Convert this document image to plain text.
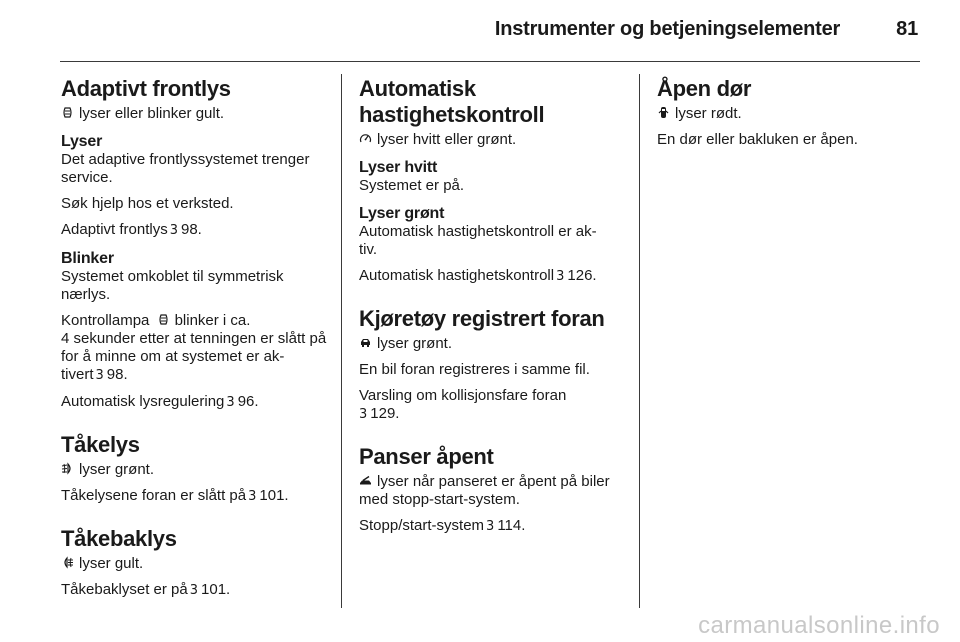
Instrumenter og betjeningselementer	81
Adaptivt frontlys

lyser eller blinker gult.

Lyser

Det adaptive frontlyssystemet trenger service.

Søk hjelp hos et verksted.

Adaptivt frontlys 3 98.

Blinker

Systemet omkoblet til symmetrisk nærlys.

Kontrollampa blinker i ca.
4 sekunder etter at tenningen er slått på for å minne om at systemet er ak-
tivert 3 98.

Automatisk lysregulering 3 96.

Tåkelys

lyser grønt.

Tåkelysene foran er slått på 3 101.

Tåkebaklys

lyser gult.

Tåkebaklyset er på 3 101.

Automatisk
hastighetskontroll

lyser hvitt eller grønt.

Lyser hvitt

Systemet er på.

Lyser grønt

Automatisk hastighetskontroll er ak-
tiv.

Automatisk hastighetskontroll 3 126.

Kjøretøy registrert foran

lyser grønt.

En bil foran registreres i samme fil.

Varsling om kollisjonsfare foran
3 129.

Panser åpent

lyser når panseret er åpent på biler med stopp-start-system.

Stopp/start-system 3 114.

Åpen dør

lyser rødt.

En dør eller bakluken er åpen.

carmanualsonline.info
